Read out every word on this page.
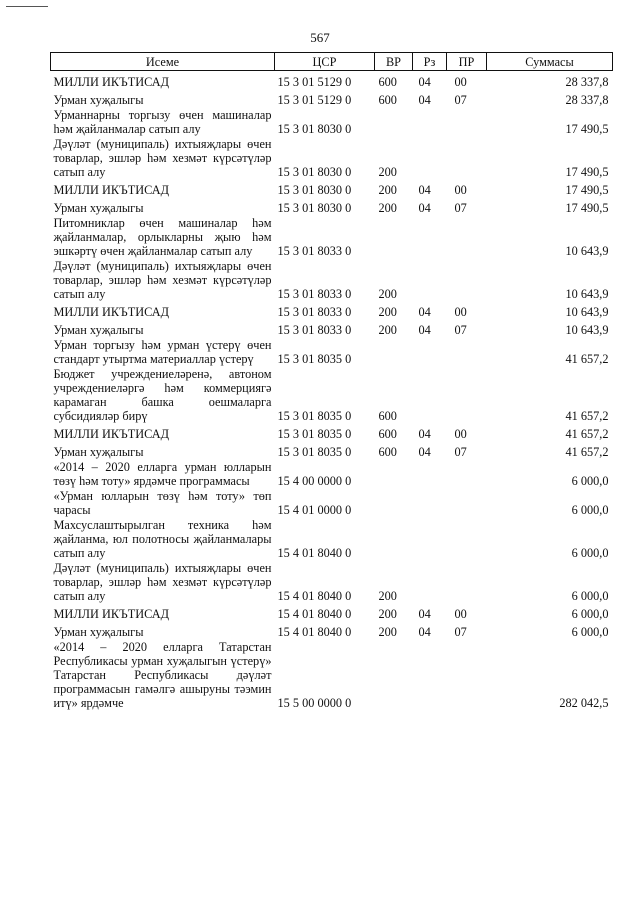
567
Исеме	ЦСР	ВР	Рз	ПР	Суммасы
МИЛЛИ ИКЪТИСАД	15 3 01 5129 0	600	04	00	28 337,8
Урман хуҗалыгы	15 3 01 5129 0	600	04	07	28 337,8
Урманнарны торгызу өчен машиналар һәм җайланмалар сатып алу	15 3 01 8030 0				17 490,5
Дәүләт (муниципаль) ихтыяҗлары өчен товарлар, эшләр һәм хезмәт күрсәтүләр сатып алу	15 3 01 8030 0	200			17 490,5
МИЛЛИ ИКЪТИСАД	15 3 01 8030 0	200	04	00	17 490,5
Урман хуҗалыгы	15 3 01 8030 0	200	04	07	17 490,5
Питомниклар өчен машиналар һәм җайланмалар, орлыкларны җыю һәм эшкәртү өчен җайланмалар сатып алу	15 3 01 8033 0				10 643,9
Дәүләт (муниципаль) ихтыяҗлары өчен товарлар, эшләр һәм хезмәт күрсәтүләр сатып алу	15 3 01 8033 0	200			10 643,9
МИЛЛИ ИКЪТИСАД	15 3 01 8033 0	200	04	00	10 643,9
Урман хуҗалыгы	15 3 01 8033 0	200	04	07	10 643,9
Урман торгызу һәм урман үстерү өчен стандарт утыртма материаллар үстерү	15 3 01 8035 0				41 657,2
Бюджет учреждениеләренә, автоном учреждениеләргә һәм коммерциягә карамаган башка оешмаларга субсидияләр бирү	15 3 01 8035 0	600			41 657,2
МИЛЛИ ИКЪТИСАД	15 3 01 8035 0	600	04	00	41 657,2
Урман хуҗалыгы	15 3 01 8035 0	600	04	07	41 657,2
«2014 – 2020 елларга урман юлларын төзү һәм тоту» ярдәмче программасы	15 4 00 0000 0				6 000,0
«Урман юлларын төзү һәм тоту» төп чарасы	15 4 01 0000 0				6 000,0
Махсуслаштырылган техника һәм җайланма, юл полотносы җайланмалары сатып алу	15 4 01 8040 0				6 000,0
Дәүләт (муниципаль) ихтыяҗлары өчен товарлар, эшләр һәм хезмәт күрсәтүләр сатып алу	15 4 01 8040 0	200			6 000,0
МИЛЛИ ИКЪТИСАД	15 4 01 8040 0	200	04	00	6 000,0
Урман хуҗалыгы	15 4 01 8040 0	200	04	07	6 000,0
«2014 – 2020 елларга Татарстан Республикасы урман хуҗалыгын үстерү» Татарстан Республикасы дәүләт программасын гамәлгә ашыруны тәэмин итү» ярдәмче	15 5 00 0000 0				282 042,5
